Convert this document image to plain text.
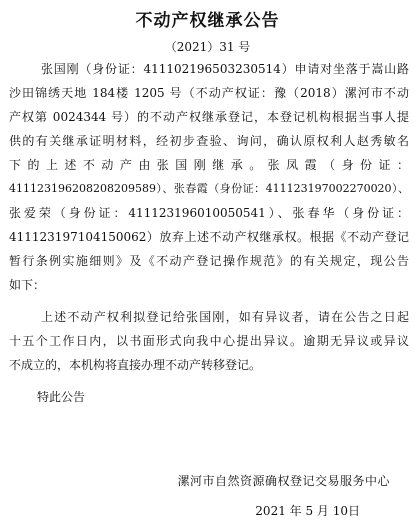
不动产权继承公告
（2021）31 号
张国刚（身份证：411102196503230514）申请对坐落于嵩山路
沙田锦绣天地 184楼 1205 号（不动产权证：豫（2018）漯河市不动
产权第 0024344 号）的不动产权继承登记，本登记机构根据当事人提
供的有关继承证明材料，经初步查验、询问，确认原权利人赵秀敏名
下 的 上 述 不 动 产 由 张 国 刚 继 承 。 张 凤 霞 （ 身 份 证 ：
411123196208208209589）、张春霞（身份证：411123197002270020）、
张爱荣（身份证：411123196010050541）、张春华（身份证：
411123197104150062）放弃上述不动产权继承权。根据《不动产登记
暂行条例实施细则》及《不动产登记操作规范》的有关规定，现公告
如下：
上述不动产权利拟登记给张国刚，如有异议者，请在公告之日起
十五个工作日内，以书面形式向我中心提出异议。逾期无异议或异议
不成立的，本机构将直接办理不动产转移登记。
特此公告
漯河市自然资源确权登记交易服务中心
2021 年 5 月 10日
